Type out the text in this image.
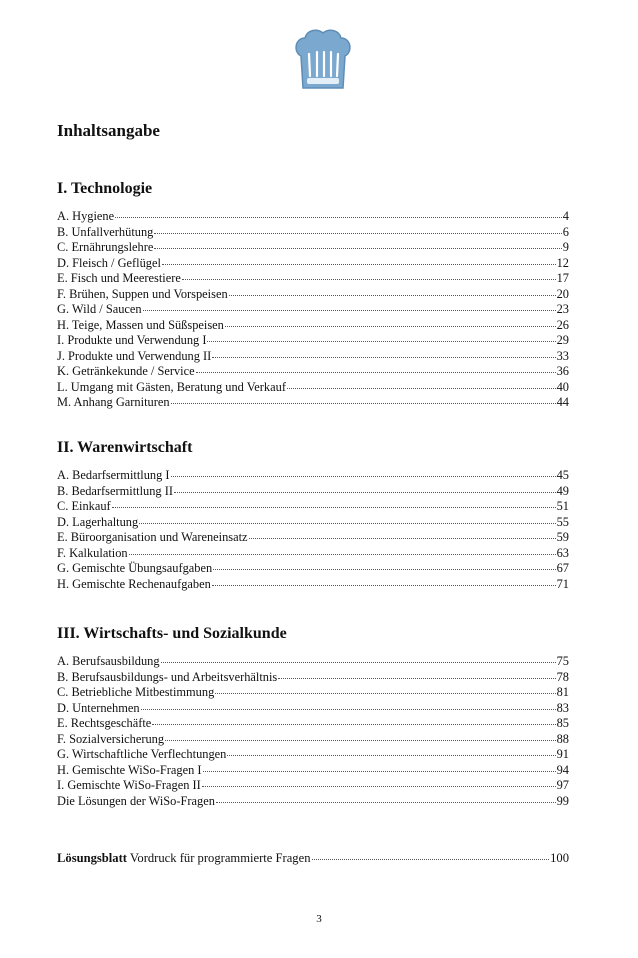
Inhaltsangabe
I. Technologie
A. Hygiene	4
B. Unfallverhütung	6
C. Ernährungslehre	9
D. Fleisch / Geflügel	12
E. Fisch und Meerestiere	17
F. Brühen, Suppen und Vorspeisen	20
G. Wild / Saucen	23
H. Teige, Massen und Süßspeisen	26
I. Produkte und Verwendung I	29
J. Produkte und Verwendung II	33
K. Getränkekunde / Service	36
L. Umgang mit Gästen, Beratung und Verkauf	40
M. Anhang Garnituren	44
II. Warenwirtschaft
A. Bedarfsermittlung I	45
B. Bedarfsermittlung II	49
C. Einkauf	51
D. Lagerhaltung	55
E. Büroorganisation und Wareneinsatz	59
F. Kalkulation	63
G. Gemischte Übungsaufgaben	67
H. Gemischte Rechenaufgaben	71
III. Wirtschafts- und Sozialkunde
A. Berufsausbildung	75
B. Berufsausbildungs- und Arbeitsverhältnis	78
C. Betriebliche Mitbestimmung	81
D. Unternehmen	83
E. Rechtsgeschäfte	85
F. Sozialversicherung	88
G. Wirtschaftliche Verflechtungen	91
H. Gemischte WiSo-Fragen I	94
I. Gemischte WiSo-Fragen II	97
Die Lösungen der WiSo-Fragen	99
Lösungsblatt Vordruck für programmierte Fragen	100
3
